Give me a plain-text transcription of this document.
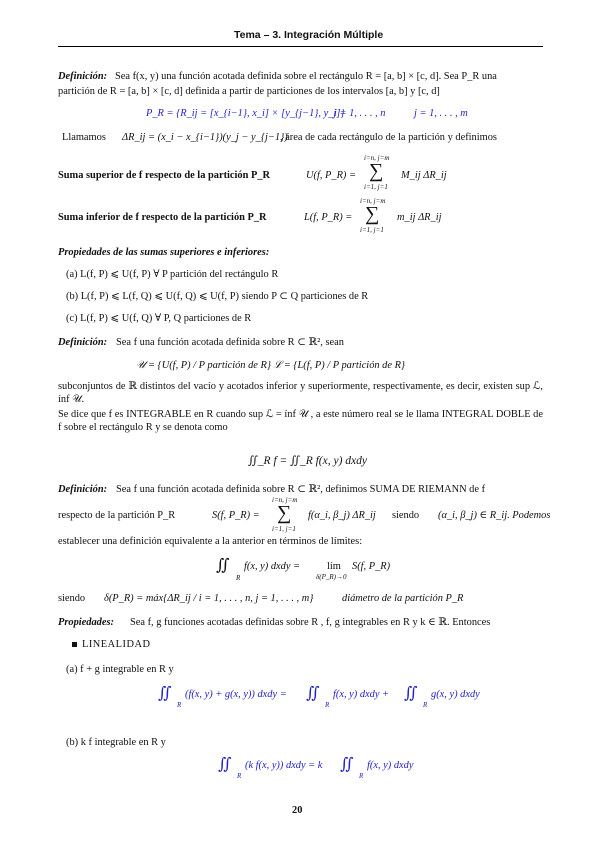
Tema – 3. Integración Múltiple
Definición: Sea f(x, y) una función acotada definida sobre el rectángulo R = [a, b] × [c, d]. Sea P_R una
partición de R = [a, b] × [c, d] definida a partir de particiones de los intervalos [a, b] y [c, d]
P_R = {R_ij = [x_{i−1}, x_i] × [y_{j−1}, y_j]}
i = 1, . . . , n	j = 1, . . . , m
Llamamos ΔR_ij = (x_i − x_{i−1})(y_j − y_{j−1})
, área de cada rectángulo de la partición y definimos
Suma superior de f respecto de la partición P_R	U(f, P_R) =
i=n, j=m
∑
i=1, j=1
M_ij ΔR_ij
Suma inferior de f respecto de la partición P_R	L(f, P_R) =
i=n, j=m
∑
i=1, j=1
m_ij ΔR_ij
Propiedades de las sumas superiores e inferiores:
(a) L(f, P) ⩽ U(f, P) ∀ P partición del rectángulo R
(b) L(f, P) ⩽ L(f, Q) ⩽ U(f, Q) ⩽ U(f, P) siendo P ⊂ Q particiones de R
(c) L(f, P) ⩽ U(f, Q) ∀ P, Q particiones de R
Definición: Sea f una función acotada definida sobre R ⊂ ℝ², sean
𝒰 = {U(f, P) / P partición de R} ℒ = {L(f, P) / P partición de R}
subconjuntos de ℝ distintos del vacío y acotados inferior y superiormente, respectivamente, es decir, existen sup ℒ, ínf 𝒰.
Se dice que f es INTEGRABLE en R cuando sup ℒ = ínf 𝒰 , a este número real se le llama INTEGRAL DOBLE de f sobre el rectángulo R y se denota como
∬_R f = ∬_R f(x, y) dxdy
Definición: Sea f una función acotada definida sobre R ⊂ ℝ², definimos SUMA DE RIEMANN de f
respecto de la partición P_R	S(f, P_R) =
i=n, j=m
∑
i=1, j=1
f(α_i, β_j) ΔR_ij siendo (α_i, β_j) ∈ R_ij. Podemos
establecer una definición equivalente a la anterior en términos de límites:
∬
R
f(x, y) dxdy =	lím
δ(P_R)→0
S(f, P_R)
siendo δ(P_R) = máx{ΔR_ij / i = 1, . . . , n, j = 1, . . . , m}	diámetro de la partición P_R
Propiedades: Sea f, g funciones acotadas definidas sobre R , f, g integrables en R y k ∈ ℝ. Entonces
LINEALIDAD
(a) f + g integrable en R y
∬
R
(f(x, y) + g(x, y)) dxdy = ∬
R
f(x, y) dxdy + ∬
R
g(x, y) dxdy
(b) k f integrable en R y
∬
R
(k f(x, y)) dxdy = k ∬
R
f(x, y) dxdy
20
